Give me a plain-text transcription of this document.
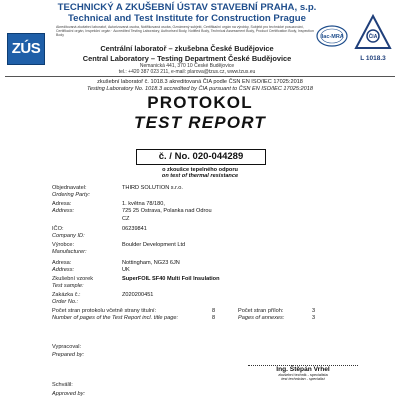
ZÚS
TECHNICKÝ A ZKUŠEBNÍ ÚSTAV STAVEBNÍ PRAHA, s.p.
Technical and Test Institute for Construction Prague
Akreditovaná zkušební laboratoř, Autorizovaná osoba, Notifikovaná osoba, Oznámený subjekt, Certifikační orgán na výrobky, Subjekt pro technické posuzování,
Certifikační orgán, Inspekční orgán · Accredited Testing Laboratory, Authorised Body, Notified Body, Technical Assessment Body, Product Certification Body, Inspection Body
Centrální laboratoř – zkušebna České Budějovice
Central Laboratory – Testing Department České Budějovice
Nemanická 441, 370 10 České Budějovice
tel.: +420 387 023 211, e-mail: plarova@tzus.cz, www.tzus.eu
ilac-MRA	ČIA
L 1018.3
zkušební laboratoř č. 1018.3 akreditovaná ČIA podle ČSN EN ISO/IEC 17025:2018
Testing Laboratory No. 1018.3 accredited by ČIA pursuant to ČSN EN ISO/IEC 17025:2018
PROTOKOL
TEST REPORT
č. / No. 020-044289
o zkoušce tepelného odporu
on test of thermal resistance
Objednavatel:
Ordering Party:
THIRD SOLUTION s.r.o.
Adresa:
Address:
1. května 78/180,
725 25 Ostrava, Polanka nad Odrou
CZ
IČO:
Company ID:
06239841
Výrobce:
Manufacturer:
Boulder Development Ltd
Adresa:
Address:
Nottingham, NG23 6JN
UK
Zkušební vzorek
Test sample:
SuperFOIL SF40 Multi Foil Insulation
Zakázka č.:
Order No.:
Z020200451
Počet stran protokolu včetně strany titulní:
Number of pages of the Test Report incl. title page:
8
8
Počet stran příloh:
Pages of annexes:
3
3
Vypracoval:
Prepared by:
Ing. Štěpán Vrhel
zkušební technik - specialista
test technician - specialist
Schválil:
Approved by:
